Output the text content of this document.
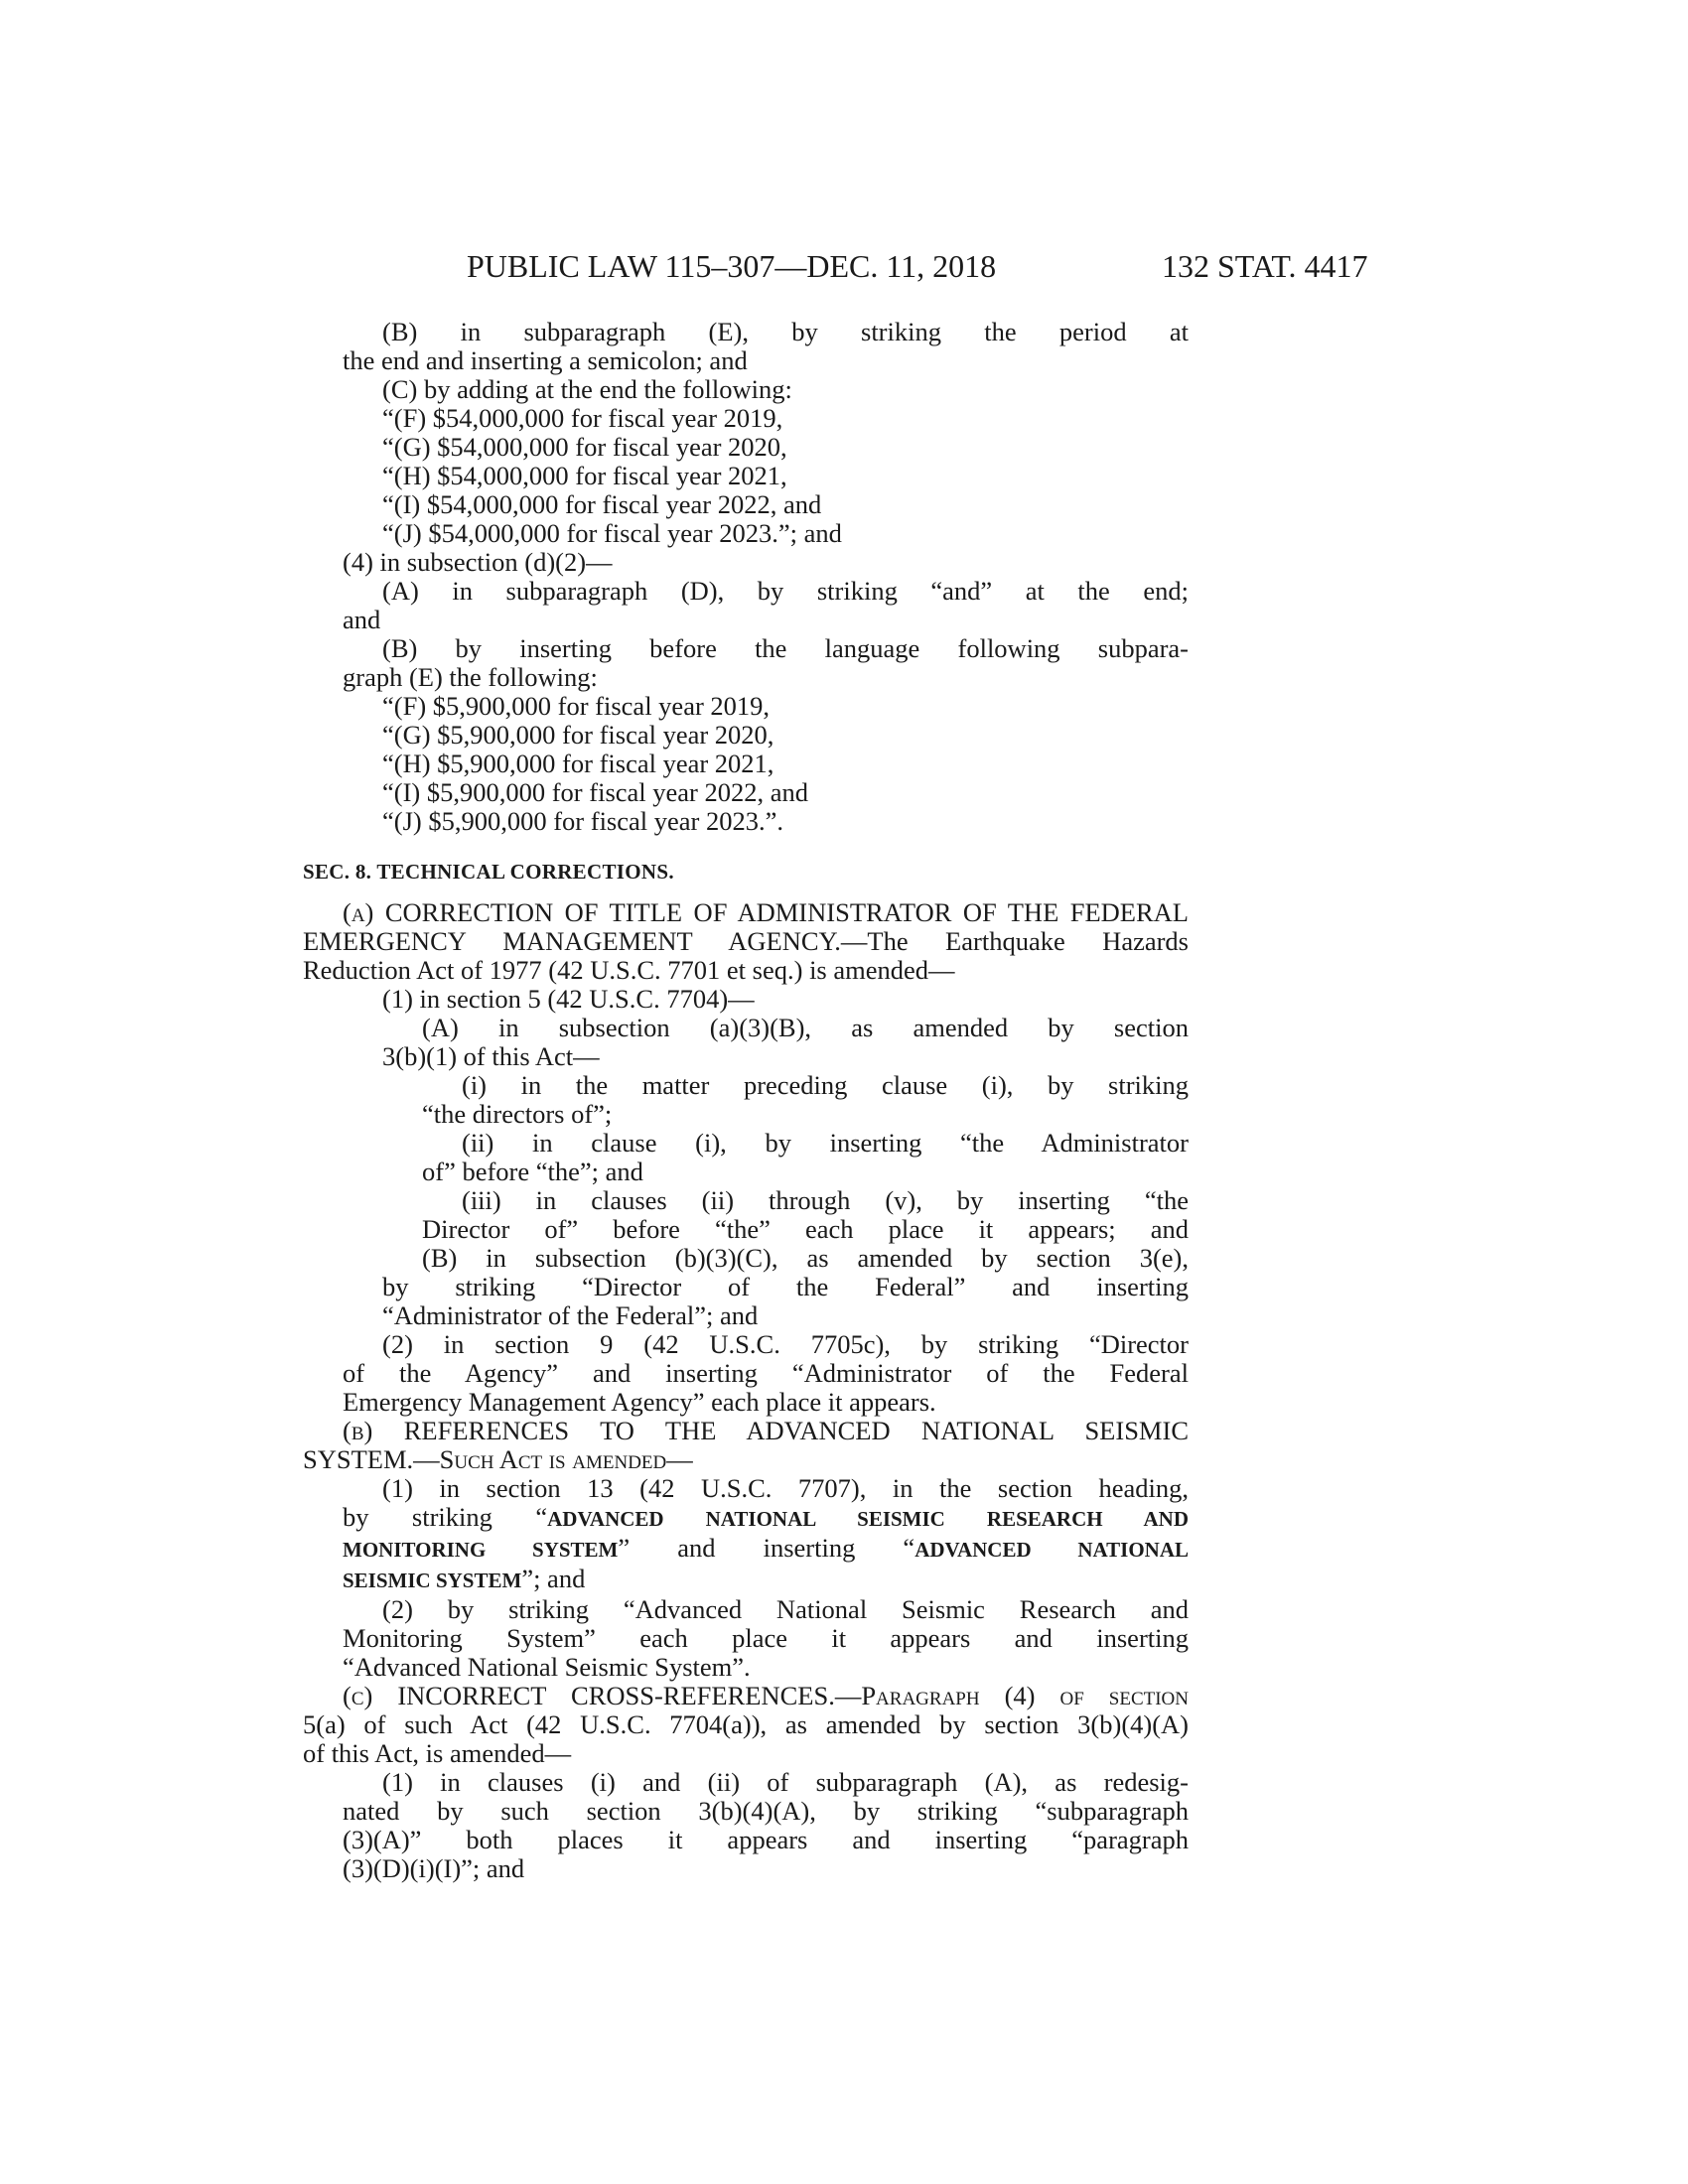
PUBLIC LAW 115–307—DEC. 11, 2018	132 STAT. 4417

(B) in subparagraph (E), by striking the period at

the end and inserting a semicolon; and

(C) by adding at the end the following:

“(F) $54,000,000 for fiscal year 2019,

“(G) $54,000,000 for fiscal year 2020,

“(H) $54,000,000 for fiscal year 2021,

“(I) $54,000,000 for fiscal year 2022, and

“(J) $54,000,000 for fiscal year 2023.”; and

(4) in subsection (d)(2)—

(A) in subparagraph (D), by striking “and” at the end;

and

(B) by inserting before the language following subpara-

graph (E) the following:

“(F) $5,900,000 for fiscal year 2019,

“(G) $5,900,000 for fiscal year 2020,

“(H) $5,900,000 for fiscal year 2021,

“(I) $5,900,000 for fiscal year 2022, and

“(J) $5,900,000 for fiscal year 2023.”.

SEC. 8. TECHNICAL CORRECTIONS.

(a) CORRECTION OF TITLE OF ADMINISTRATOR OF THE FEDERAL

EMERGENCY MANAGEMENT AGENCY.—The Earthquake Hazards

Reduction Act of 1977 (42 U.S.C. 7701 et seq.) is amended—

(1) in section 5 (42 U.S.C. 7704)—

(A) in subsection (a)(3)(B), as amended by section

3(b)(1) of this Act—

(i) in the matter preceding clause (i), by striking

“the directors of”;

(ii) in clause (i), by inserting “the Administrator

of” before “the”; and

(iii) in clauses (ii) through (v), by inserting “the

Director of” before “the” each place it appears; and

(B) in subsection (b)(3)(C), as amended by section 3(e),

by striking “Director of the Federal” and inserting

“Administrator of the Federal”; and

(2) in section 9 (42 U.S.C. 7705c), by striking “Director

of the Agency” and inserting “Administrator of the Federal

Emergency Management Agency” each place it appears.

(b) REFERENCES TO THE ADVANCED NATIONAL SEISMIC

SYSTEM.—Such Act is amended—

(1) in section 13 (42 U.S.C. 7707), in the section heading,

by striking “ADVANCED NATIONAL SEISMIC RESEARCH AND

MONITORING SYSTEM” and inserting “ADVANCED NATIONAL

SEISMIC SYSTEM”; and

(2) by striking “Advanced National Seismic Research and

Monitoring System” each place it appears and inserting

“Advanced National Seismic System”.

(c) INCORRECT CROSS-REFERENCES.—Paragraph (4) of section

5(a) of such Act (42 U.S.C. 7704(a)), as amended by section 3(b)(4)(A)

of this Act, is amended—

(1) in clauses (i) and (ii) of subparagraph (A), as redesig-

nated by such section 3(b)(4)(A), by striking “subparagraph

(3)(A)” both places it appears and inserting “paragraph

(3)(D)(i)(I)”; and
